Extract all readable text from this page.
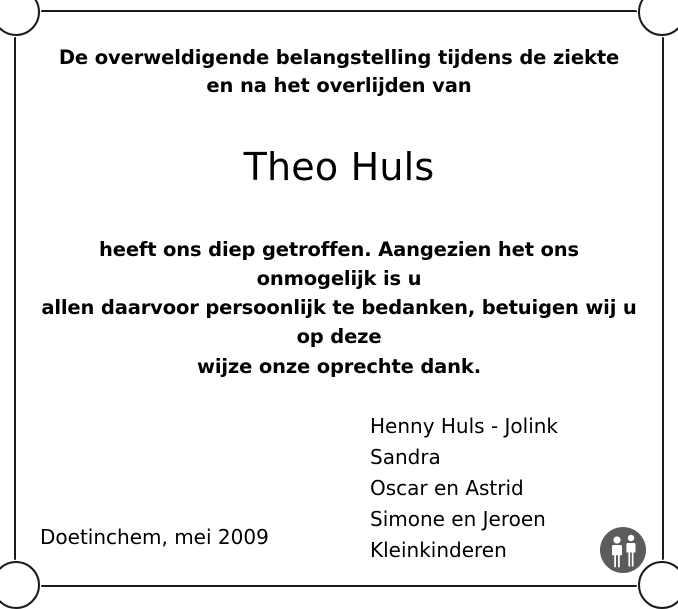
De overweldigende belangstelling tijdens de ziekte
en na het overlijden van
Theo Huls
heeft ons diep getroffen. Aangezien het ons onmogelijk is u
allen daarvoor persoonlijk te bedanken, betuigen wij u op deze
wijze onze oprechte dank.
Henny Huls - Jolink
Sandra
Oscar en Astrid
Simone en Jeroen
Kleinkinderen
Doetinchem, mei 2009
